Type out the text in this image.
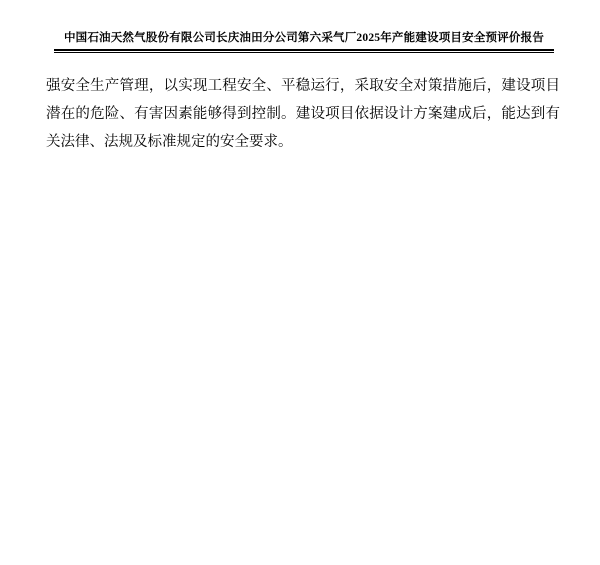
中国石油天然气股份有限公司长庆油田分公司第六采气厂2025年产能建设项目安全预评价报告

强安全生产管理，以实现工程安全、平稳运行，采取安全对策措施后，建设项目潜在的危险、有害因素能够得到控制。建设项目依据设计方案建成后，能达到有关法律、法规及标准规定的安全要求。
